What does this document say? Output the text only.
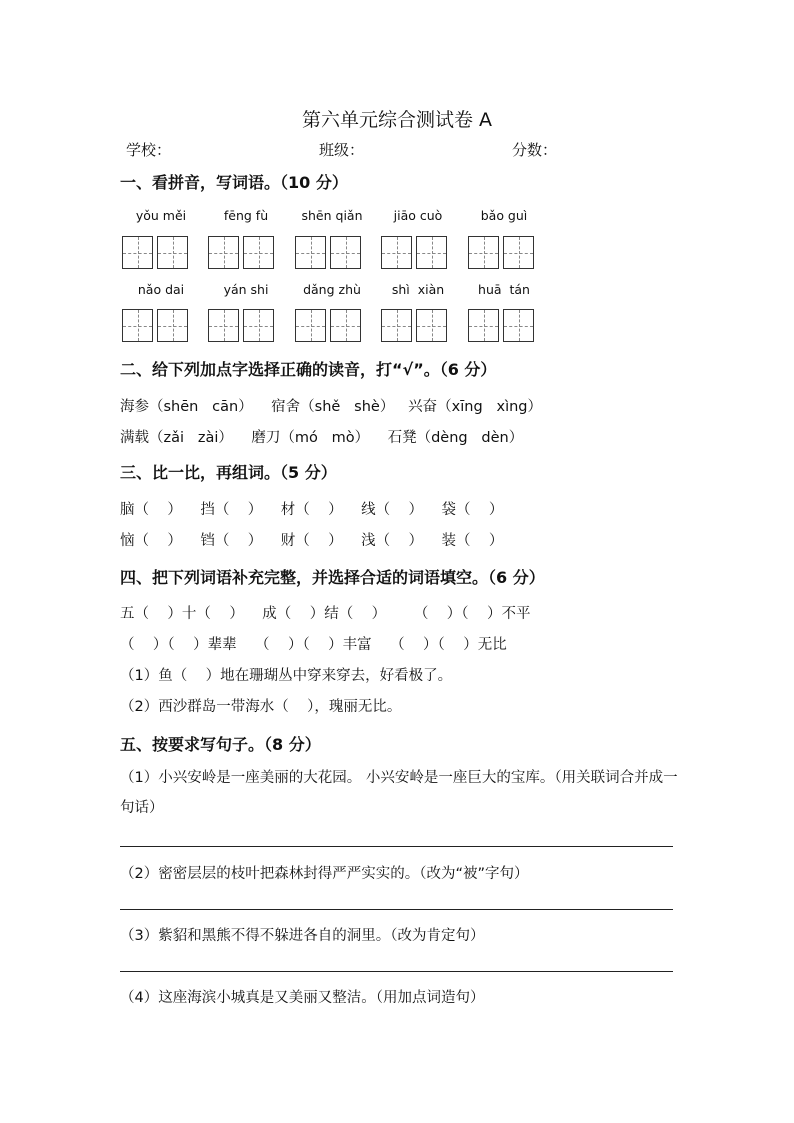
第六单元综合测试卷 A
学校：	班级：	分数：
一、看拼音，写词语。（10 分）
yǒu měi	fēng fù	shēn qiǎn	jiāo cuò	bǎo guì
nǎo dai	yán shi	dǎng zhù	shì  xiàn	huā  tán
二、给下列加点字选择正确的读音，打“√”。（6 分）
海参（shēn   cān）    宿舍（shě   shè）   兴奋（xīng   xìng）
满载（zǎi   zài）    磨刀（mó   mò）    石凳（dèng   dèn）
三、比一比，再组词。（5 分）
脑（    ）    挡（    ）    材（    ）    线（    ）    袋（    ）
恼（    ）    铛（    ）    财（    ）    浅（    ）    装（    ）
四、把下列词语补充完整，并选择合适的词语填空。（6 分）
五（    ）十（    ）    成（    ）结（    ）      （    ）（    ）不平
（    ）（    ）辈辈    （    ）（    ）丰富    （    ）（    ）无比
（1）鱼（    ）地在珊瑚丛中穿来穿去，好看极了。
（2）西沙群岛一带海水（    ），瑰丽无比。
五、按要求写句子。（8 分）
（1）小兴安岭是一座美丽的大花园。 小兴安岭是一座巨大的宝库。（用关联词合并成一句话）
（2）密密层层的枝叶把森林封得严严实实的。（改为“被”字句）
（3）紫貂和黑熊不得不躲进各自的洞里。（改为肯定句）
（4）这座海滨小城真是又美丽又整洁。（用加点词造句）
